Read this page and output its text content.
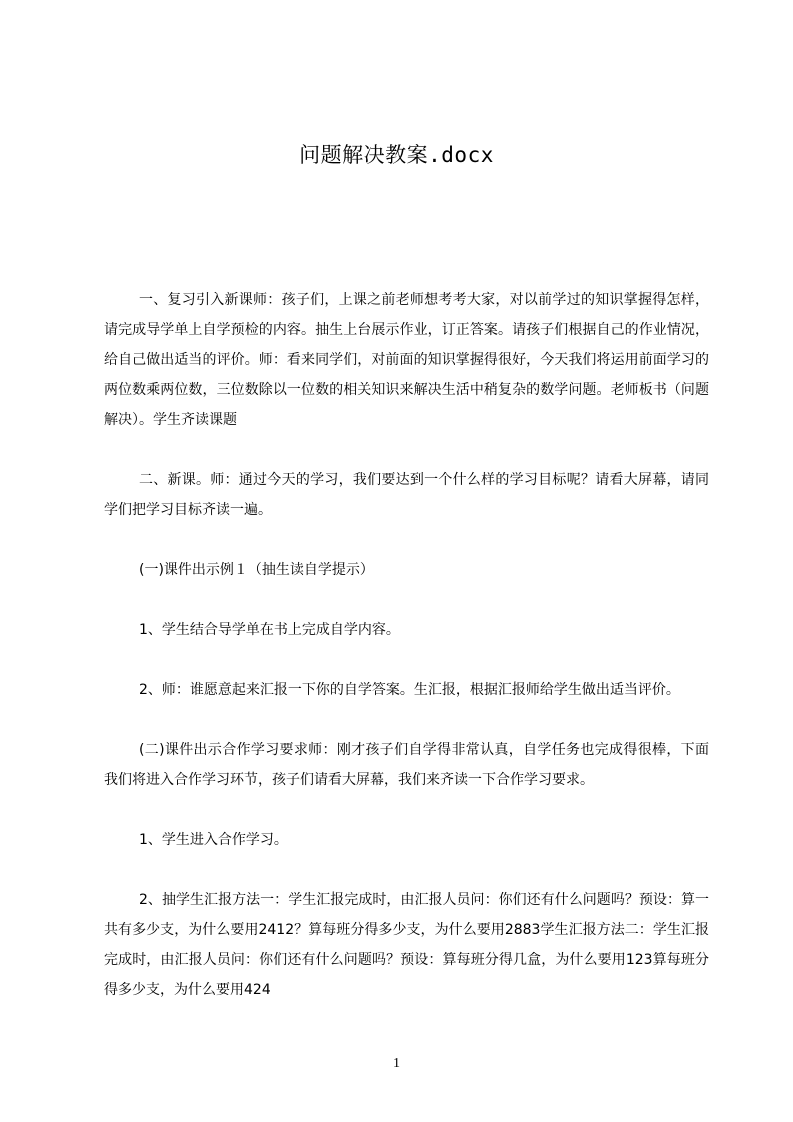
问题解决教案.docx

一、复习引入新课师：孩子们，上课之前老师想考考大家，对以前学过的知识掌握得怎样，请完成导学单上自学预检的内容。抽生上台展示作业，订正答案。请孩子们根据自己的作业情况，给自己做出适当的评价。师：看来同学们，对前面的知识掌握得很好，今天我们将运用前面学习的两位数乘两位数，三位数除以一位数的相关知识来解决生活中稍复杂的数学问题。老师板书（问题解决）。学生齐读课题

二、新课。师：通过今天的学习，我们要达到一个什么样的学习目标呢？请看大屏幕，请同学们把学习目标齐读一遍。

(一)课件出示例１（抽生读自学提示）

1、学生结合导学单在书上完成自学内容。

2、师：谁愿意起来汇报一下你的自学答案。生汇报，根据汇报师给学生做出适当评价。

(二)课件出示合作学习要求师：刚才孩子们自学得非常认真，自学任务也完成得很棒，下面我们将进入合作学习环节，孩子们请看大屏幕，我们来齐读一下合作学习要求。

1、学生进入合作学习。

2、抽学生汇报方法一：学生汇报完成时，由汇报人员问：你们还有什么问题吗？预设：算一共有多少支，为什么要用2412？算每班分得多少支，为什么要用2883学生汇报方法二：学生汇报完成时，由汇报人员问：你们还有什么问题吗？预设：算每班分得几盒，为什么要用123算每班分得多少支，为什么要用424

1
